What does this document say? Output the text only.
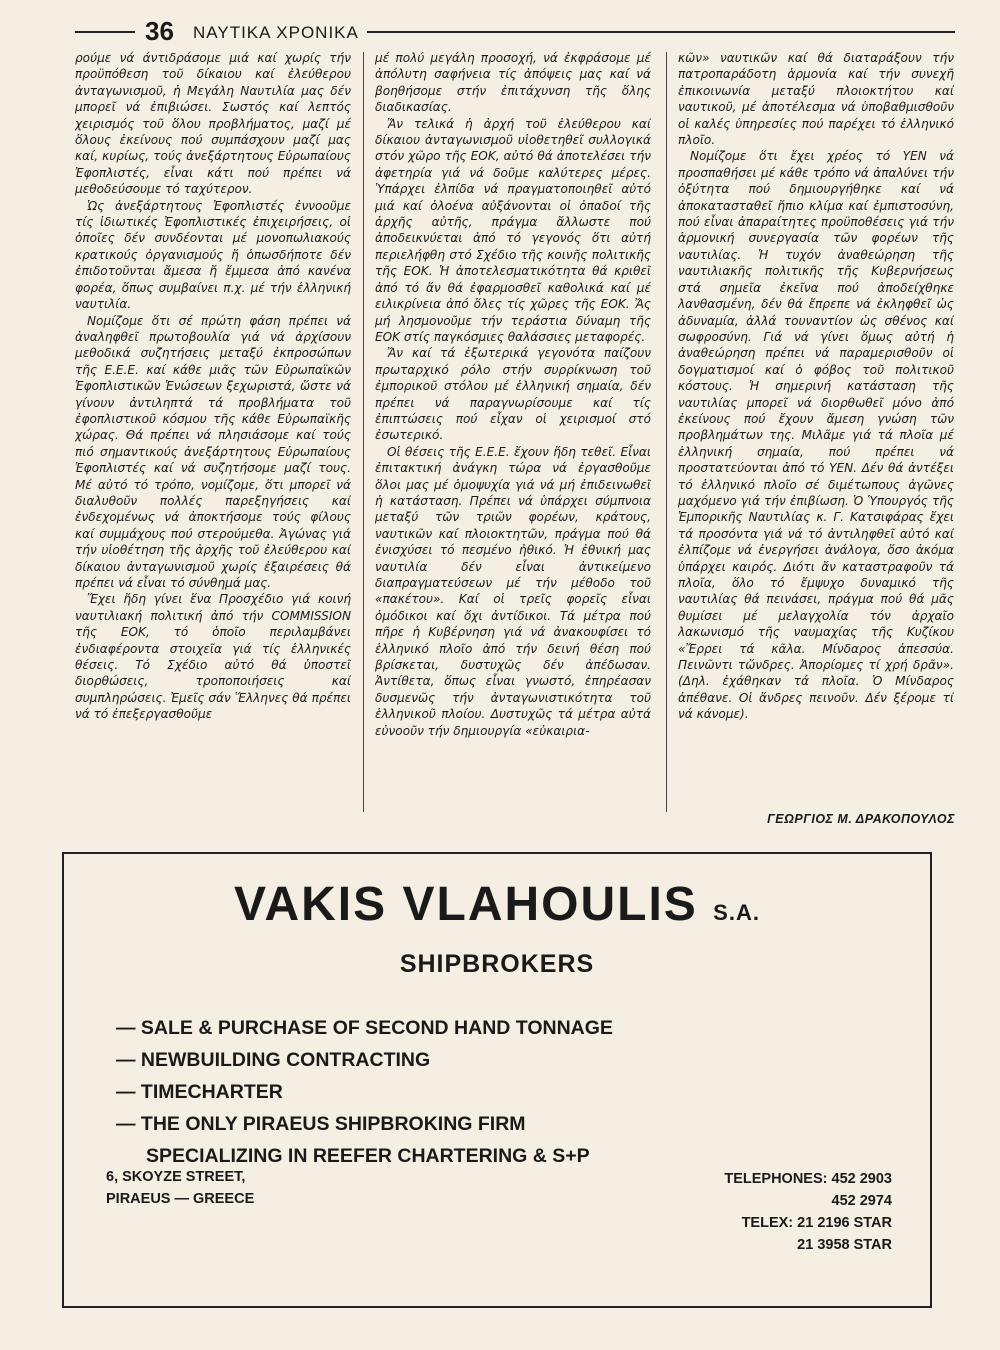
36 ΝΑΥΤΙΚΑ ΧΡΟΝΙΚΑ

ρούμε νά άντιδράσομε μιά καί χωρίς τήν προϋπόθεση τοῦ δίκαιου καί ἐλεύθερου ἀνταγωνισμοῦ, ἡ Μεγάλη Ναυτιλία μας δέν μπορεῖ νά ἐπιβιώσει. Σωστός καί λεπτός χειρισμός τοῦ ὅλου προβλήματος, μαζί μέ ὅλους ἐκείνους πού συμπάσχουν μαζί μας καί, κυρίως, τούς ἀνεξάρτητους Εὐρωπαίους Ἐφοπλιστές, εἶναι κάτι πού πρέπει νά μεθοδεύσουμε τό ταχύτερον.

Ὡς ἀνεξάρτητους Ἐφοπλιστές ἐννοοῦμε τίς ἰδιωτικές Ἐφοπλιστικές ἐπιχειρήσεις, οἱ ὁποῖες δέν συνδέονται μέ μονοπωλιακούς κρατικούς ὀργανισμούς ἤ ὁπωσδήποτε δέν ἐπιδοτοῦνται ἄμεσα ἤ ἔμμεσα ἀπό κανένα φορέα, ὅπως συμβαίνει π.χ. μέ τήν ἑλληνική ναυτιλία.

Νομίζομε ὅτι σέ πρώτη φάση πρέπει νά ἀναληφθεῖ πρωτοβουλία γιά νά ἀρχίσουν μεθοδικά συζητήσεις μεταξύ ἐκπροσώπων τῆς Ε.Ε.Ε. καί κάθε μιᾶς τῶν Εὐρωπαϊκῶν Ἐφοπλιστικῶν Ἑνώσεων ξεχωριστά, ὥστε νά γίνουν ἀντιληπτά τά προβλήματα τοῦ ἐφοπλιστικοῦ κόσμου τῆς κάθε Εὐρωπαϊκῆς χώρας. Θά πρέπει νά πλησιάσομε καί τούς πιό σημαντικούς ἀνεξάρτητους Εὐρωπαίους Ἐφοπλιστές καί νά συζητήσομε μαζί τους. Μέ αὐτό τό τρόπο, νομίζομε, ὅτι μπορεῖ νά διαλυθοῦν πολλές παρεξηγήσεις καί ἐνδεχομένως νά ἀποκτήσομε τούς φίλους καί συμμάχους πού στερούμεθα. Ἀγώνας γιά τήν υἱοθέτηση τῆς ἀρχῆς τοῦ ἐλεύθερου καί δίκαιου ἀνταγωνισμοῦ χωρίς ἐξαιρέσεις θά πρέπει νά εἶναι τό σύνθημά μας.

Ἔχει ἤδη γίνει ἕνα Προσχέδιο γιά κοινή ναυτιλιακή πολιτική ἀπό τήν COMMISSION τῆς ΕΟΚ, τό ὁποῖο περιλαμβάνει ἐνδιαφέροντα στοιχεῖα γιά τίς ἑλληνικές θέσεις. Τό Σχέδιο αὐτό θά ὑποστεῖ διορθώσεις, τροποποιήσεις καί συμπληρώσεις. Ἐμεῖς σάν Ἕλληνες θά πρέπει νά τό ἐπεξεργασθοῦμε

μέ πολύ μεγάλη προσοχή, νά ἐκφράσομε μέ ἀπόλυτη σαφήνεια τίς ἀπόψεις μας καί νά βοηθήσομε στήν ἐπιτάχυνση τῆς ὅλης διαδικασίας.

Ἄν τελικά ἡ ἀρχή τοῦ ἐλεύθερου καί δίκαιου ἀνταγωνισμοῦ υἱοθετηθεῖ συλλογικά στόν χῶρο τῆς ΕΟΚ, αὐτό θά ἀποτελέσει τήν ἀφετηρία γιά νά δοῦμε καλύτερες μέρες. Ὑπάρχει ἐλπίδα νά πραγματοποιηθεῖ αὐτό μιά καί ὁλοένα αὐξάνονται οἱ ὀπαδοί τῆς ἀρχῆς αὐτῆς, πράγμα ἄλλωστε πού ἀποδεικνύεται ἀπό τό γεγονός ὅτι αὐτή περιελήφθη στό Σχέδιο τῆς κοινῆς πολιτικῆς τῆς ΕΟΚ. Ἡ ἀποτελεσματικότητα θά κριθεῖ ἀπό τό ἄν θά ἐφαρμοσθεῖ καθολικά καί μέ ειλικρίνεια ἀπό ὅλες τίς χῶρες τῆς ΕΟΚ. Ἄς μή λησμονοῦμε τήν τεράστια δύναμη τῆς ΕΟΚ στίς παγκόσμιες θαλάσσιες μεταφορές.

Ἄν καί τά ἐξωτερικά γεγονότα παίζουν πρωταρχικό ρόλο στήν συρρίκνωση τοῦ ἐμπορικοῦ στόλου μέ ἑλληνική σημαία, δέν πρέπει νά παραγνωρίσουμε καί τίς ἐπιπτώσεις πού εἶχαν οἱ χειρισμοί στό ἐσωτερικό.

Οἱ θέσεις τῆς Ε.Ε.Ε. ἔχουν ἤδη τεθεῖ. Εἶναι ἐπιτακτική ἀνάγκη τώρα νά ἐργασθοῦμε ὅλοι μας μέ ὁμοψυχία γιά νά μή ἐπιδεινωθεῖ ἡ κατάσταση. Πρέπει νά ὑπάρχει σύμπνοια μεταξύ τῶν τριῶν φορέων, κράτους, ναυτικῶν καί πλοιοκτητῶν, πράγμα πού θά ἐνισχύσει τό πεσμένο ἠθικό. Ἡ ἐθνική μας ναυτιλία δέν εἶναι ἀντικείμενο διαπραγματεύσεων μέ τήν μέθοδο τοῦ «πακέτου». Καί οἱ τρεῖς φορεῖς εἶναι ὁμόδικοι καί ὄχι ἀντίδικοι. Τά μέτρα πού πῆρε ἡ Κυβέρνηση γιά νά ἀνακουφίσει τό ἑλληνικό πλοῖο ἀπό τήν δεινή θέση πού βρίσκεται, δυστυχῶς δέν ἀπέδωσαν. Ἀντίθετα, ὅπως εἶναι γνωστό, ἐπηρέασαν δυσμενῶς τήν ἀνταγωνιστικότητα τοῦ ἑλληνικοῦ πλοίου. Δυστυχῶς τά μέτρα αὐτά εὐνοοῦν τήν δημιουργία «εὐκαιρια-

κῶν» ναυτικῶν καί θά διαταράξουν τήν πατροπαράδοτη ἁρμονία καί τήν συνεχῆ ἐπικοινωνία μεταξύ πλοιοκτήτου καί ναυτικοῦ, μέ ἀποτέλεσμα νά ὑποβαθμισθοῦν οἱ καλές ὑπηρεσίες πού παρέχει τό ἑλληνικό πλοῖο.

Νομίζομε ὅτι ἔχει χρέος τό ΥΕΝ νά προσπαθήσει μέ κάθε τρόπο νά ἀπαλύνει τήν ὀξύτητα πού δημιουργήθηκε καί νά ἀποκατασταθεῖ ἤπιο κλίμα καί ἐμπιστοσύνη, πού εἶναι ἀπαραίτητες προϋποθέσεις γιά τήν ἁρμονική συνεργασία τῶν φορέων τῆς ναυτιλίας. Ἡ τυχόν ἀναθεώρηση τῆς ναυτιλιακῆς πολιτικῆς τῆς Κυβερνήσεως στά σημεῖα ἐκεῖνα πού ἀποδείχθηκε λανθασμένη, δέν θά ἔπρεπε νά ἐκληφθεῖ ὡς ἀδυναμία, ἀλλά τουναντίον ὡς σθένος καί σωφροσύνη. Γιά νά γίνει ὅμως αὐτή ἡ ἀναθεώρηση πρέπει νά παραμερισθοῦν οἱ δογματισμοί καί ὁ φόβος τοῦ πολιτικοῦ κόστους. Ἡ σημερινή κατάσταση τῆς ναυτιλίας μπορεῖ νά διορθωθεῖ μόνο ἀπό ἐκείνους πού ἔχουν ἄμεση γνώση τῶν προβλημάτων της. Μιλᾶμε γιά τά πλοῖα μέ ἑλληνική σημαία, πού πρέπει νά προστατεύονται ἀπό τό ΥΕΝ. Δέν θά ἀντέξει τό ἑλληνικό πλοῖο σέ διμέτωπους ἀγῶνες μαχόμενο γιά τήν ἐπιβίωση. Ὁ Ὑπουργός τῆς Ἐμπορικῆς Ναυτιλίας κ. Γ. Κατσιφάρας ἔχει τά προσόντα γιά νά τό ἀντιληφθεῖ αὐτό καί ἐλπίζομε νά ἐνεργήσει ἀνάλογα, ὅσο ἀκόμα ὑπάρχει καιρός. Διότι ἄν καταστραφοῦν τά πλοῖα, ὅλο τό ἔμψυχο δυναμικό τῆς ναυτιλίας θά πεινάσει, πράγμα πού θά μᾶς θυμίσει μέ μελαγχολία τόν ἀρχαῖο λακωνισμό τῆς ναυμαχίας τῆς Κυζίκου «Ἔρρει τά κᾶλα. Μίνδαρος ἀπεσσύα. Πεινῶντι τὤνδρες. Ἀπορίομες τί χρή δρᾶν». (Δηλ. ἐχάθηκαν τά πλοῖα. Ὁ Μίνδαρος ἀπέθανε. Οἱ ἄνδρες πεινοῦν. Δέν ξέρομε τί νά κάνομε).

ΓΕΩΡΓΙΟΣ Μ. ΔΡΑΚΟΠΟΥΛΟΣ
VAKIS VLAHOULIS S.A.
SHIPBROKERS
— SALE & PURCHASE OF SECOND HAND TONNAGE
— NEWBUILDING CONTRACTING
— TIMECHARTER
— THE ONLY PIRAEUS SHIPBROKING FIRM
SPECIALIZING IN REEFER CHARTERING & S+P
6, SKOYZE STREET,
PIRAEUS — GREECE
TELEPHONES: 452 2903
452 2974
TELEX: 21 2196 STAR
21 3958 STAR
